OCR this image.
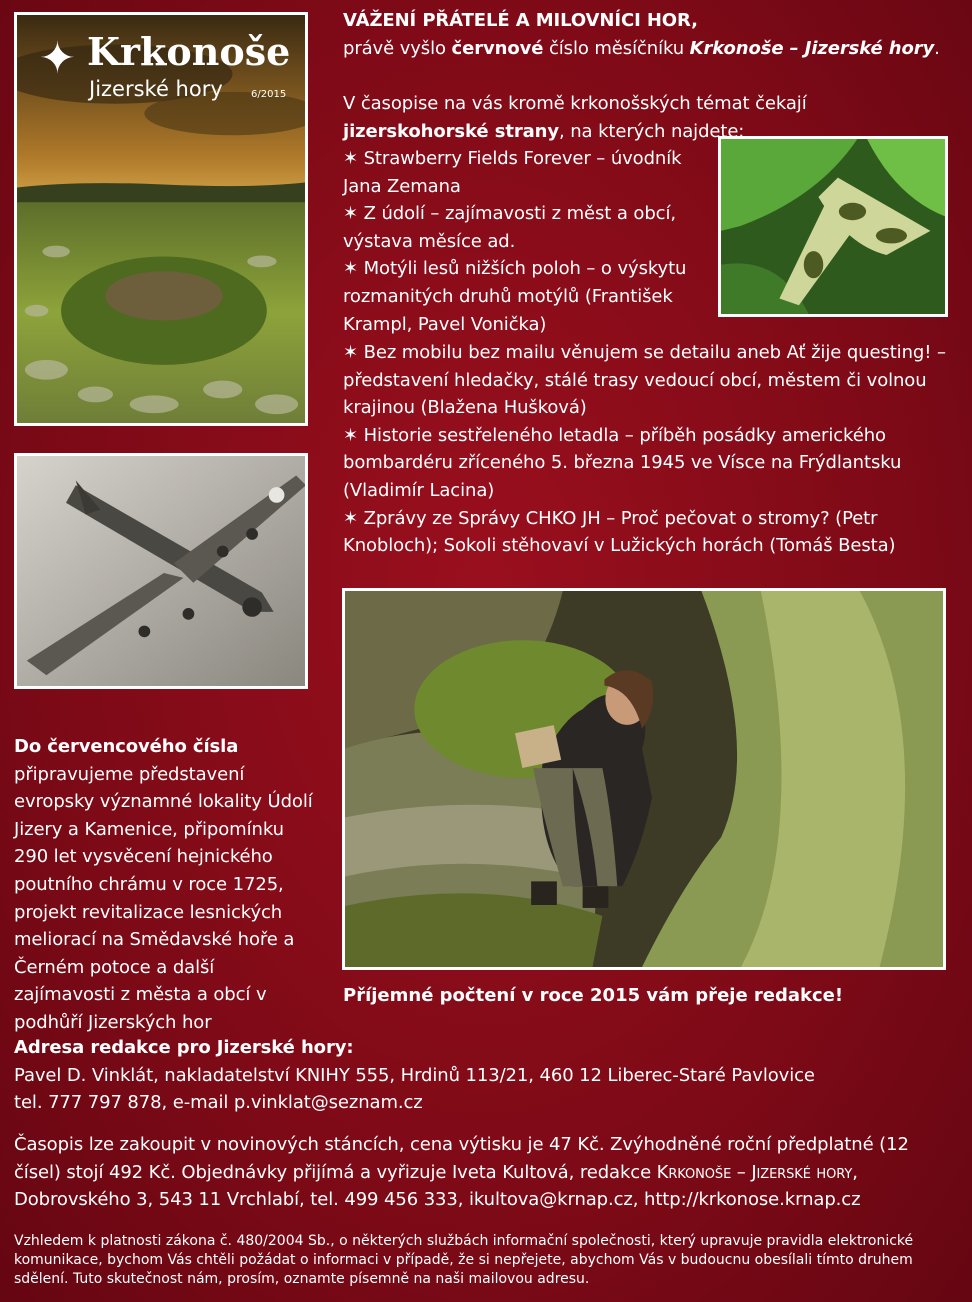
✦ Krkonoše
Jizerské hory	6/2015

VÁŽENÍ PŘÁTELÉ A MILOVNÍCI HOR,

právě vyšlo červnové číslo měsíčníku Krkonoše – Jizerské hory.

V časopise na vás kromě krkonošských témat čekají jizerskohorské strany, na kterých najdete:

✶ Strawberry Fields Forever – úvodník Jana Zemana

✶ Z údolí – zajímavosti z měst a obcí, výstava měsíce ad.

✶ Motýli lesů nižších poloh – o výskytu rozmanitých druhů motýlů (František Krampl, Pavel Vonička)

✶ Bez mobilu bez mailu věnujem se detailu aneb Ať žije questing! – představení hledačky, stálé trasy vedoucí obcí, městem či volnou krajinou (Blažena Hušková)

✶ Historie sestřeleného letadla – příběh posádky amerického bombardéru zříceného 5. března 1945 ve Vísce na Frýdlantsku (Vladimír Lacina)

✶ Zprávy ze Správy CHKO JH – Proč pečovat o stromy? (Petr Knobloch); Sokoli stěhovaví v Lužických horách (Tomáš Besta)

Do červencového čísla připravujeme představení evropsky významné lokality Údolí Jizery a Kamenice, připomínku 290 let vysvěcení hejnického poutního chrámu v roce 1725, projekt revitalizace lesnických meliorací na Smědavské hoře a Černém potoce a další zajímavosti z města a obcí v podhůří Jizerských hor
Příjemné počtení v roce 2015 vám přeje redakce!

Adresa redakce pro Jizerské hory:

Pavel D. Vinklát, nakladatelství KNIHY 555, Hrdinů 113/21, 460 12 Liberec-Staré Pavlovice

tel. 777 797 878, e-mail p.vinklat@seznam.cz

Časopis lze zakoupit v novinových stáncích, cena výtisku je 47 Kč. Zvýhodněné roční předplatné (12 čísel) stojí 492 Kč. Objednávky přijímá a vyřizuje Iveta Kultová, redakce Krkonoše – Jizerské hory, Dobrovského 3, 543 11 Vrchlabí, tel. 499 456 333, ikultova@krnap.cz, http://krkonose.krnap.cz
Vzhledem k platnosti zákona č. 480/2004 Sb., o některých službách informační společnosti, který upravuje pravidla elektronické komunikace, bychom Vás chtěli požádat o informaci v případě, že si nepřejete, abychom Vás v budoucnu obesílali tímto druhem sdělení. Tuto skutečnost nám, prosím, oznamte písemně na naši mailovou adresu.
